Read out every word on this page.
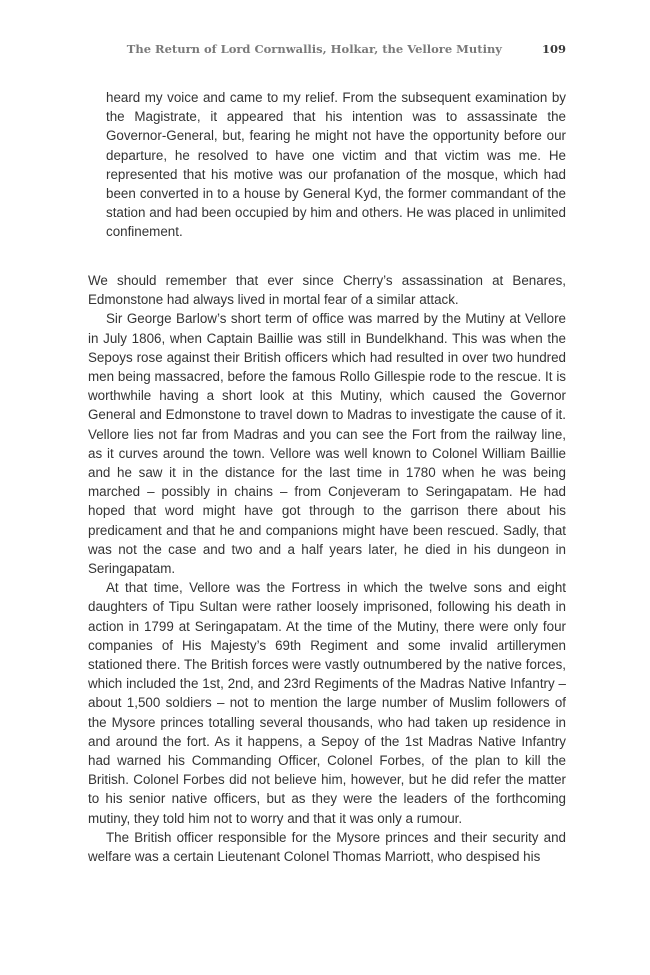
The Return of Lord Cornwallis, Holkar, the Vellore Mutiny	109

heard my voice and came to my relief. From the subsequent examination by the Magistrate, it appeared that his intention was to assassinate the Governor-General, but, fearing he might not have the opportunity before our departure, he resolved to have one victim and that victim was me. He represented that his motive was our profanation of the mosque, which had been converted in to a house by General Kyd, the former commandant of the station and had been occupied by him and others. He was placed in unlimited confinement.

We should remember that ever since Cherry’s assassination at Benares, Edmonstone had always lived in mortal fear of a similar attack.

Sir George Barlow’s short term of office was marred by the Mutiny at Vellore in July 1806, when Captain Baillie was still in Bundelkhand. This was when the Sepoys rose against their British officers which had resulted in over two hundred men being massacred, before the famous Rollo Gillespie rode to the rescue. It is worthwhile having a short look at this Mutiny, which caused the Governor General and Edmonstone to travel down to Madras to investigate the cause of it. Vellore lies not far from Madras and you can see the Fort from the railway line, as it curves around the town. Vellore was well known to Colonel William Baillie and he saw it in the distance for the last time in 1780 when he was being marched – possibly in chains – from Conjeveram to Seringapatam. He had hoped that word might have got through to the garrison there about his predicament and that he and companions might have been rescued. Sadly, that was not the case and two and a half years later, he died in his dungeon in Seringapatam.

At that time, Vellore was the Fortress in which the twelve sons and eight daughters of Tipu Sultan were rather loosely imprisoned, following his death in action in 1799 at Seringapatam. At the time of the Mutiny, there were only four companies of His Majesty’s 69th Regiment and some invalid artillerymen stationed there. The British forces were vastly outnumbered by the native forces, which included the 1st, 2nd, and 23rd Regiments of the Madras Native Infantry – about 1,500 soldiers – not to mention the large number of Muslim followers of the Mysore princes totalling several thousands, who had taken up residence in and around the fort. As it happens, a Sepoy of the 1st Madras Native Infantry had warned his Commanding Officer, Colonel Forbes, of the plan to kill the British. Colonel Forbes did not believe him, however, but he did refer the matter to his senior native officers, but as they were the leaders of the forthcoming mutiny, they told him not to worry and that it was only a rumour.

The British officer responsible for the Mysore princes and their security and welfare was a certain Lieutenant Colonel Thomas Marriott, who despised his
